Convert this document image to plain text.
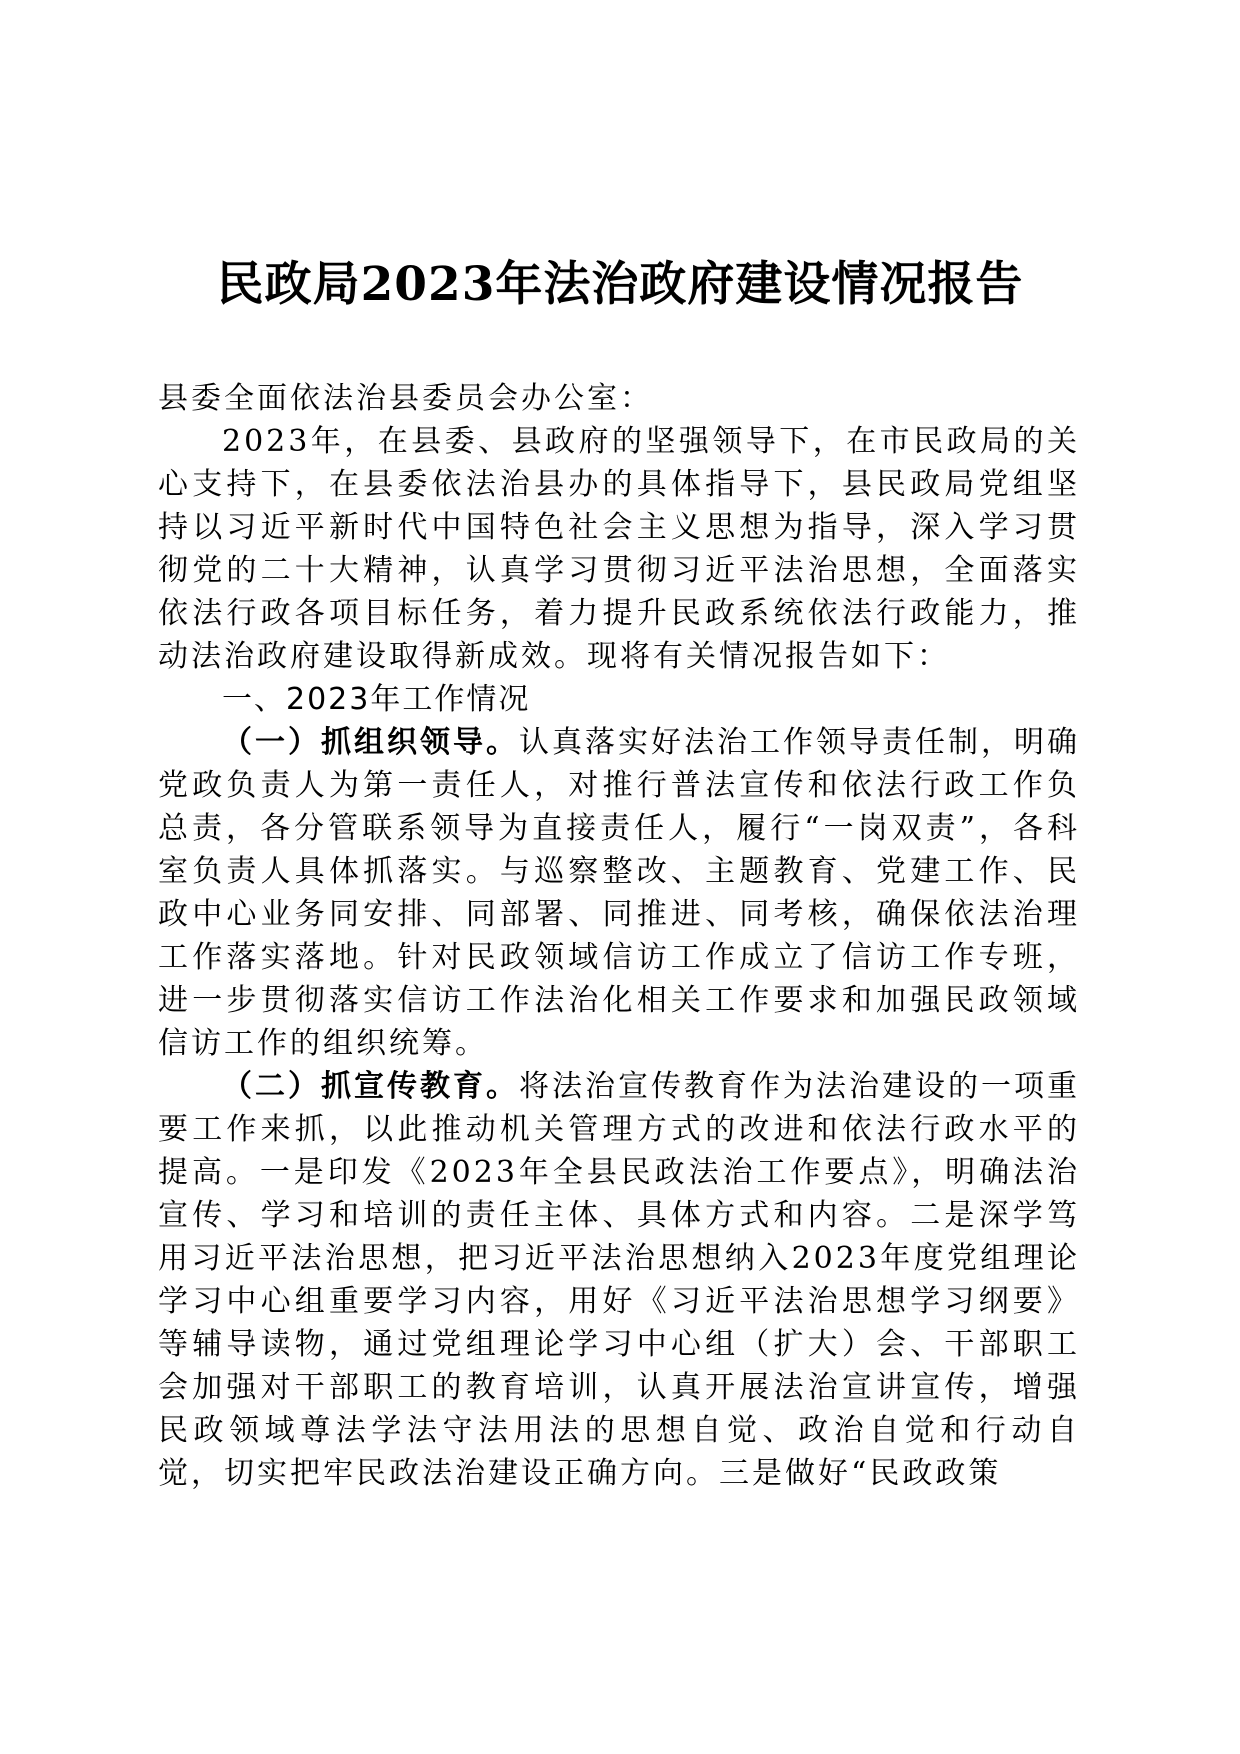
民政局2023年法治政府建设情况报告

县委全面依法治县委员会办公室：

2023年，在县委、县政府的坚强领导下，在市民政局的关心支持下，在县委依法治县办的具体指导下，县民政局党组坚持以习近平新时代中国特色社会主义思想为指导，深入学习贯彻党的二十大精神，认真学习贯彻习近平法治思想，全面落实依法行政各项目标任务，着力提升民政系统依法行政能力，推动法治政府建设取得新成效。现将有关情况报告如下：

一、2023年工作情况

（一）抓组织领导。认真落实好法治工作领导责任制，明确党政负责人为第一责任人，对推行普法宣传和依法行政工作负总责，各分管联系领导为直接责任人，履行“一岗双责”，各科室负责人具体抓落实。与巡察整改、主题教育、党建工作、民政中心业务同安排、同部署、同推进、同考核，确保依法治理工作落实落地。针对民政领域信访工作成立了信访工作专班，进一步贯彻落实信访工作法治化相关工作要求和加强民政领域信访工作的组织统筹。

（二）抓宣传教育。将法治宣传教育作为法治建设的一项重要工作来抓，以此推动机关管理方式的改进和依法行政水平的提高。一是印发《2023年全县民政法治工作要点》，明确法治宣传、学习和培训的责任主体、具体方式和内容。二是深学笃用习近平法治思想，把习近平法治思想纳入2023年度党组理论学习中心组重要学习内容，用好《习近平法治思想学习纲要》等辅导读物，通过党组理论学习中心组（扩大）会、干部职工会加强对干部职工的教育培训，认真开展法治宣讲宣传，增强民政领域尊法学法守法用法的思想自觉、政治自觉和行动自觉，切实把牢民政法治建设正确方向。三是做好“民政政策
